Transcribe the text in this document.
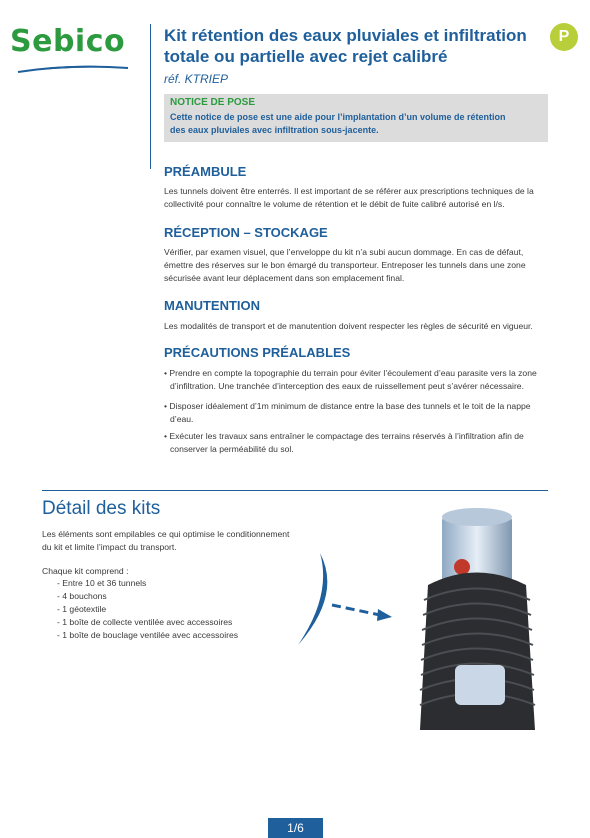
Sebico	Kit rétention des eaux pluviales et infiltration
totale ou partielle avec rejet calibré
réf. KTRIEP
P
NOTICE DE POSE
Cette notice de pose est une aide pour l’implantation d’un volume de rétention
des eaux pluviales avec infiltration sous-jacente.
PRÉAMBULE
Les tunnels doivent être enterrés. Il est important de se référer aux prescriptions techniques de la
collectivité pour connaître le volume de rétention et le débit de fuite calibré autorisé en l/s.
RÉCEPTION – STOCKAGE
Vérifier, par examen visuel, que l’enveloppe du kit n’a subi aucun dommage. En cas de défaut,
émettre des réserves sur le bon émargé du transporteur. Entreposer les tunnels dans une zone
sécurisée avant leur déplacement dans son emplacement final.
MANUTENTION
Les modalités de transport et de manutention doivent respecter les règles de sécurité en vigueur.
PRÉCAUTIONS PRÉALABLES
• Prendre en compte la topographie du terrain pour éviter l’écoulement d’eau parasite vers la zone
d’infiltration. Une tranchée d’interception des eaux de ruissellement peut s’avérer nécessaire.
• Disposer idéalement d’1m minimum de distance entre la base des tunnels et le toit de la nappe
d’eau.
• Exécuter les travaux sans entraîner le compactage des terrains réservés à l’infiltration afin de
conserver la perméabilité du sol.
Détail des kits
Les éléments sont empilables ce qui optimise le conditionnement
du kit et limite l’impact du transport.
Chaque kit comprend :
- Entre 10 et 36 tunnels
- 4 bouchons
- 1 géotextile
- 1 boîte de collecte ventilée avec accessoires
- 1 boîte de bouclage ventilée avec accessoires
1/6
